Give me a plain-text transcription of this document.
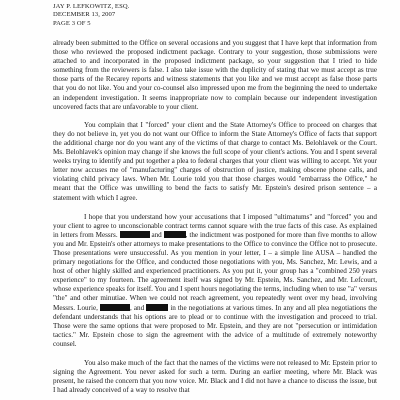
JAY P. LEFKOWITZ, ESQ.
DECEMBER 13, 2007
PAGE 3 OF 5

already been submitted to the Office on several occasions and you suggest that I have kept that information from those who reviewed the proposed indictment package. Contrary to your suggestion, those submissions were attached to and incorporated in the proposed indictment package, so your suggestion that I tried to hide something from the reviewers is false. I also take issue with the duplicity of stating that we must accept as true those parts of the Recarey reports and witness statements that you like and we must accept as false those parts that you do not like. You and your co-counsel also impressed upon me from the beginning the need to undertake an independent investigation. It seems inappropriate now to complain because our independent investigation uncovered facts that are unfavorable to your client.

You complain that I "forced" your client and the State Attorney's Office to proceed on charges that they do not believe in, yet you do not want our Office to inform the State Attorney's Office of facts that support the additional charge nor do you want any of the victims of that charge to contact Ms. Belohlavek or the Court. Ms. Belohlavek's opinion may change if she knows the full scope of your client's actions. You and I spent several weeks trying to identify and put together a plea to federal charges that your client was willing to accept. Yet your letter now accuses me of "manufacturing" charges of obstruction of justice, making obscene phone calls, and violating child privacy laws. When Mr. Lourie told you that those charges would "embarrass the Office," he meant that the Office was unwilling to bend the facts to satisfy Mr. Epstein's desired prison sentence – a statement with which I agree.

I hope that you understand how your accusations that I imposed "ultimatums" and "forced" you and your client to agree to unconscionable contract terms cannot square with the true facts of this case. As explained in letters from Messrs.	and	, the indictment was postponed for more than five months to allow you and Mr. Epstein's other attorneys to make presentations to the Office to convince the Office not to prosecute. Those presentations were unsuccessful. As you mention in your letter, I – a simple line AUSA – handled the primary negotiations for the Office, and conducted those negotiations with you, Ms. Sanchez, Mr. Lewis, and a host of other highly skilled and experienced practitioners. As you put it, your group has a "combined 250 years experience" to my fourteen. The agreement itself was signed by Mr. Epstein, Ms. Sanchez, and Mr. Lefcourt, whose experience speaks for itself. You and I spent hours negotiating the terms, including when to use "a" versus "the" and other minutiae. When we could not reach agreement, you repeatedly went over my head, involving Messrs. Lourie,	, and	in the negotiations at various times. In any and all plea negotiations the defendant understands that his options are to plead or to continue with the investigation and proceed to trial. Those were the same options that were proposed to Mr. Epstein, and they are not "persecution or intimidation tactics." Mr. Epstein chose to sign the agreement with the advice of a multitude of extremely noteworthy counsel.

You also make much of the fact that the names of the victims were not released to Mr. Epstein prior to signing the Agreement. You never asked for such a term. During an earlier meeting, where Mr. Black was present, he raised the concern that you now voice. Mr. Black and I did not have a chance to discuss the issue, but I had already conceived of a way to resolve that
